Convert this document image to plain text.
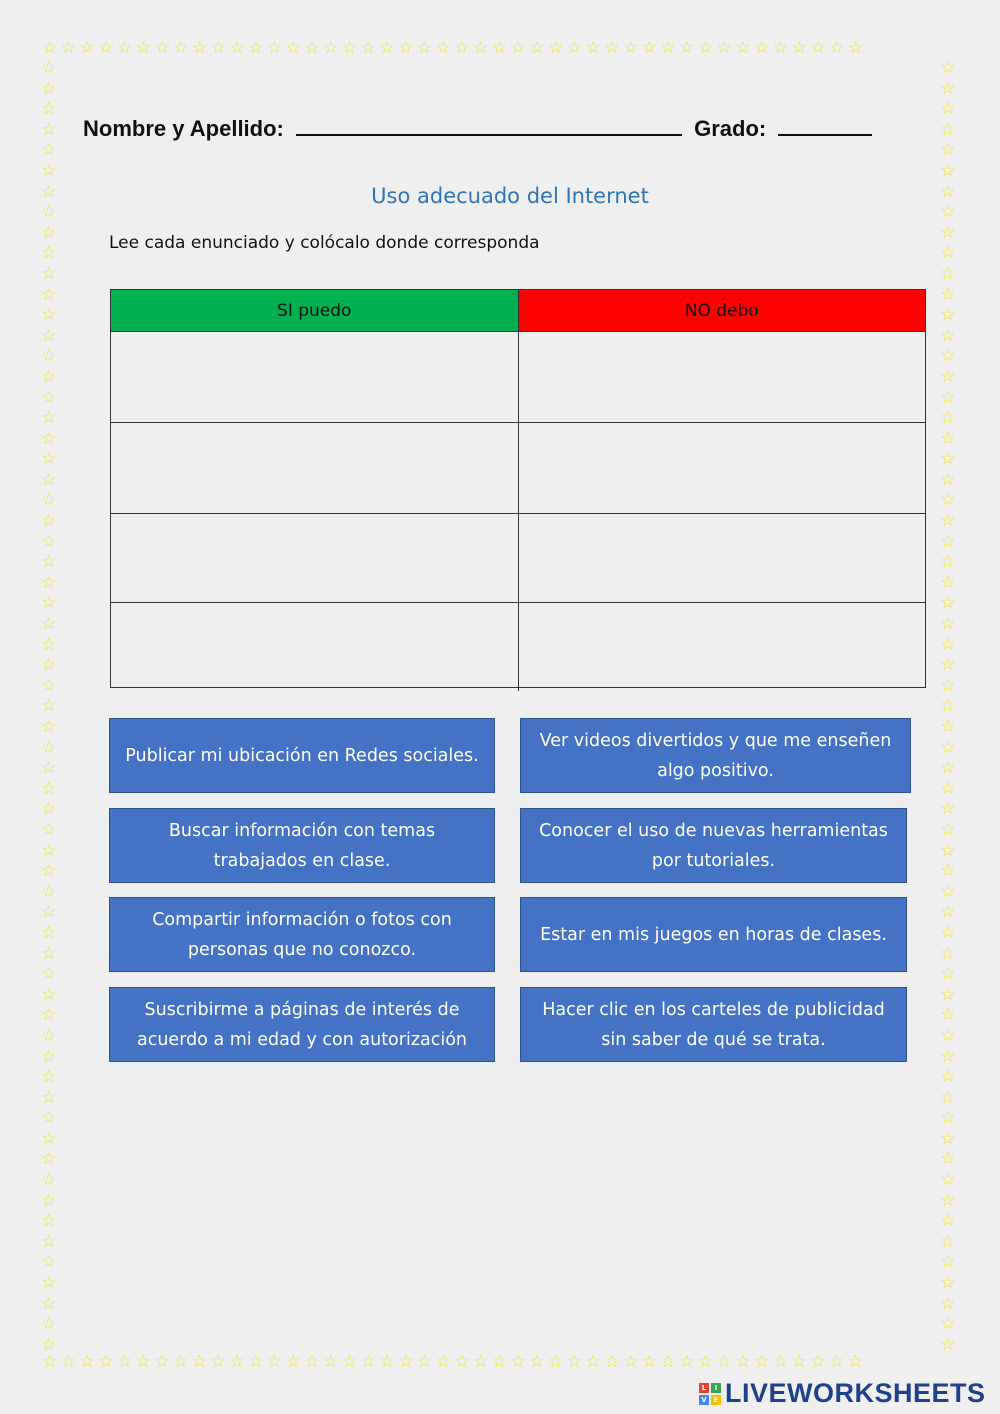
☆☆☆☆☆☆☆☆☆☆☆☆☆☆☆☆☆☆☆☆☆☆☆☆☆☆☆☆☆☆☆☆☆☆☆☆☆☆☆☆☆☆☆☆
☆☆☆☆☆☆☆☆☆☆☆☆☆☆☆☆☆☆☆☆☆☆☆☆☆☆☆☆☆☆☆☆☆☆☆☆☆☆☆☆☆☆☆☆
☆
☆
☆
☆
☆
☆
☆
☆
☆
☆
☆
☆
☆
☆
☆
☆
☆
☆
☆
☆
☆
☆
☆
☆
☆
☆
☆
☆
☆
☆
☆
☆
☆
☆
☆
☆
☆
☆
☆
☆
☆
☆
☆
☆
☆
☆
☆
☆
☆
☆
☆
☆
☆
☆
☆
☆
☆
☆
☆
☆
☆
☆
☆
☆
☆
☆
☆
☆
☆
☆
☆
☆
☆
☆
☆
☆
☆
☆
☆
☆
☆
☆
☆
☆
☆
☆
☆
☆
☆
☆
☆
☆
☆
☆
☆
☆
☆
☆
☆
☆
☆
☆
☆
☆
☆
☆
☆
☆
☆
☆
☆
☆
☆
☆
☆
☆
☆
☆
☆
☆
☆
☆
☆
☆
☆
☆
Nombre y Apellido:	Grado:
Uso adecuado del Internet
Lee cada enunciado y colócalo donde corresponda
SI puedo	NO debo
Publicar mi ubicación en Redes sociales.
Ver videos divertidos y que me enseñen algo positivo.
Buscar información con temas trabajados en clase.
Conocer el uso de nuevas herramientas por tutoriales.
Compartir información o fotos con personas que no conozco.
Estar en mis juegos en horas de clases.
Suscribirme a páginas de interés de acuerdo a mi edad y con autorización
Hacer clic en los carteles de publicidad sin saber de qué se trata.
L	I
V E LIVEWORKSHEETS
